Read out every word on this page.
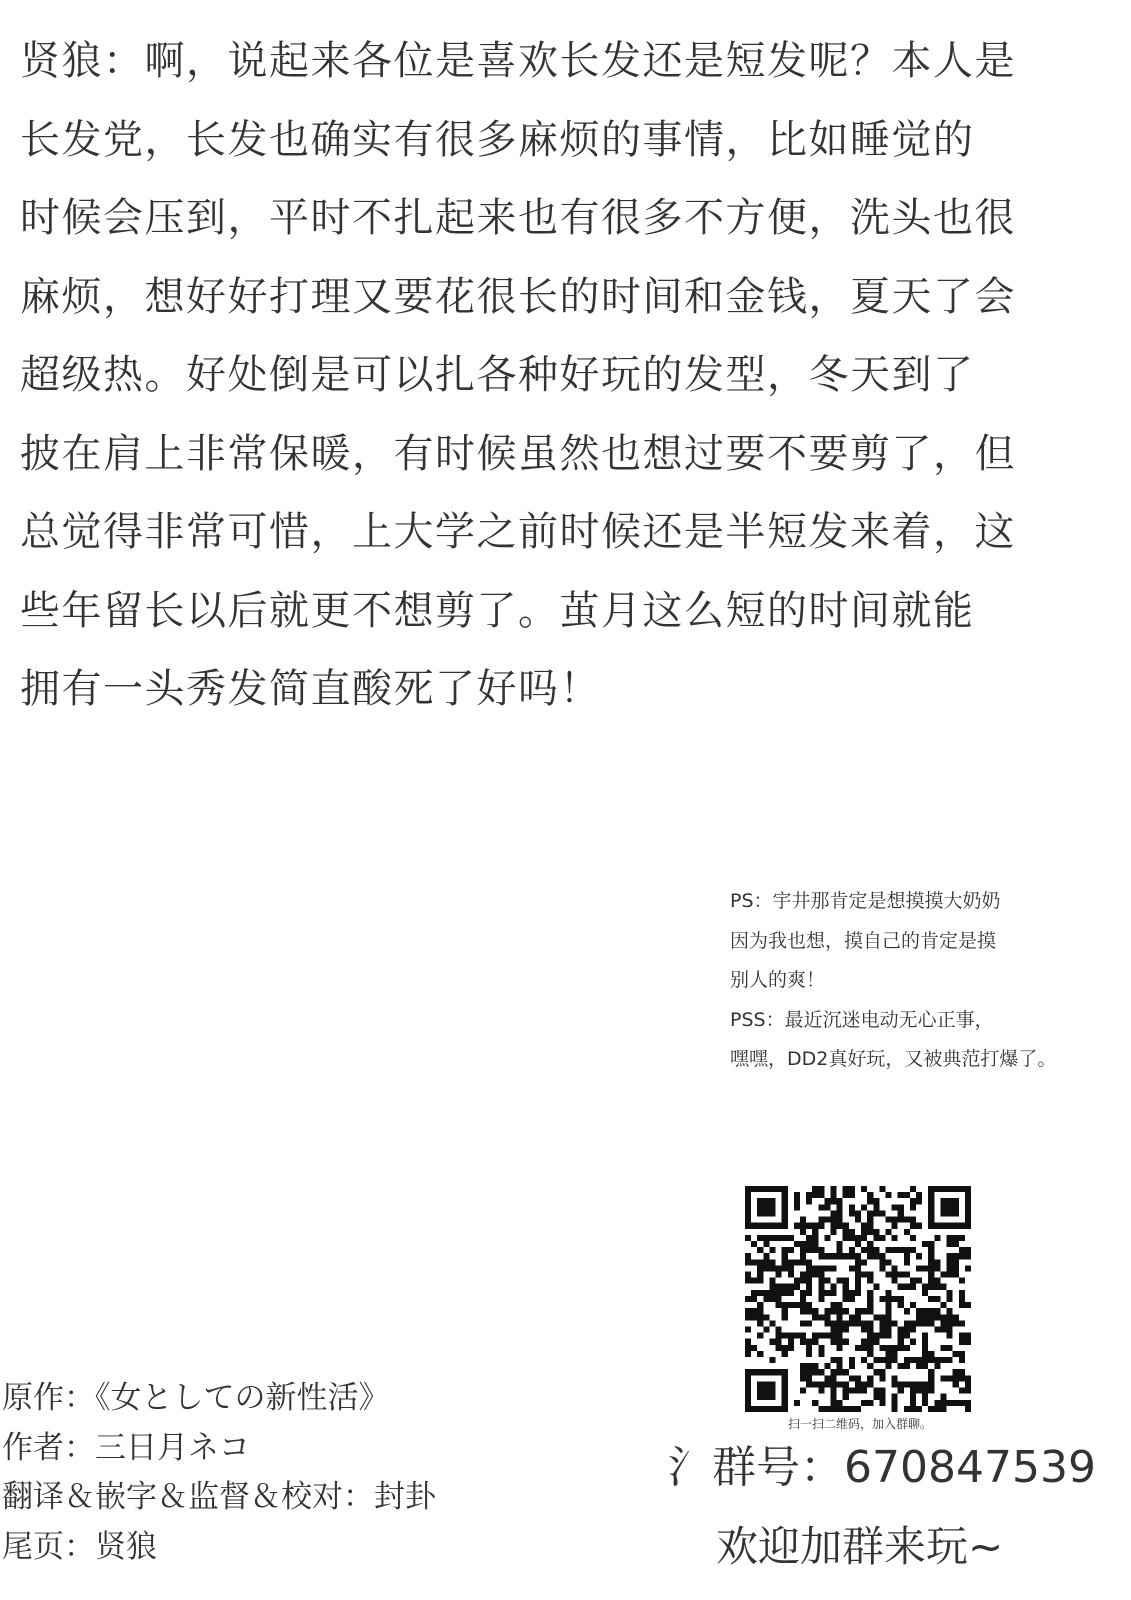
贤狼：啊，说起来各位是喜欢长发还是短发呢？本人是
长发党，长发也确实有很多麻烦的事情，比如睡觉的
时候会压到，平时不扎起来也有很多不方便，洗头也很
麻烦，想好好打理又要花很长的时间和金钱，夏天了会
超级热。好处倒是可以扎各种好玩的发型，冬天到了
披在肩上非常保暖，有时候虽然也想过要不要剪了，但
总觉得非常可惜，上大学之前时候还是半短发来着，这
些年留长以后就更不想剪了。茧月这么短的时间就能
拥有一头秀发简直酸死了好吗！
PS：宇井那肯定是想摸摸大奶奶
因为我也想，摸自己的肯定是摸
别人的爽！
PSS：最近沉迷电动无心正事，
嘿嘿，DD2真好玩，又被典范打爆了。
扫一扫二维码，加入群聊。
氵群号：670847539
欢迎加群来玩~
原作：《女としての新性活》
作者：三日月ネコ
翻译＆嵌字＆监督＆校对：封卦
尾页：贤狼
